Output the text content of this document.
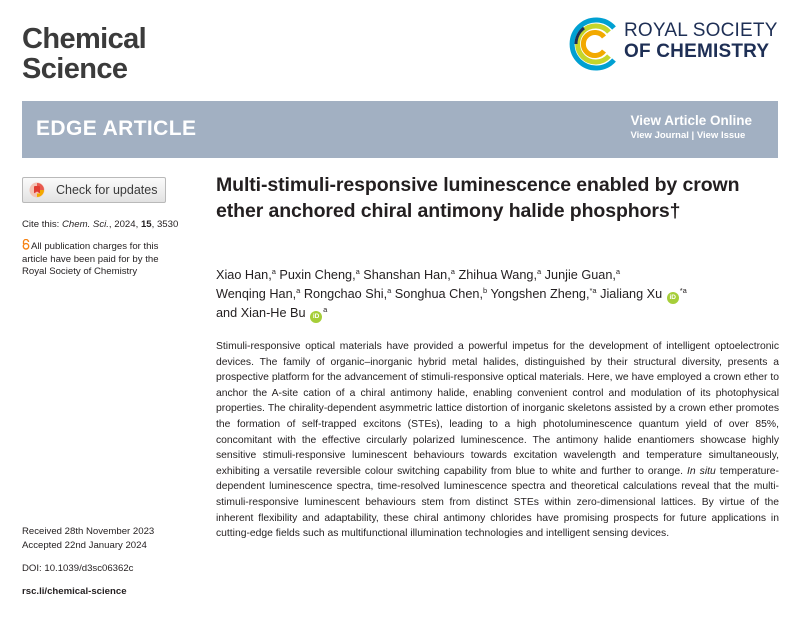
Chemical
Science
ROYAL SOCIETY
OF CHEMISTRY
EDGE ARTICLE	View Article Online
View Journal | View Issue
Check for updates
Cite this: Chem. Sci., 2024, 15, 3530
All publication charges for this article have been paid for by the Royal Society of Chemistry
Received 28th November 2023
Accepted 22nd January 2024
DOI: 10.1039/d3sc06362c
rsc.li/chemical-science
Multi-stimuli-responsive luminescence enabled by crown ether anchored chiral antimony halide phosphors†
Xiao Han,$^a$ Puxin Cheng,$^a$ Shanshan Han,$^a$ Zhihua Wang,$^a$ Junjie Guan,$^a$
Wenqing Han,$^a$ Rongchao Shi,$^a$ Songhua Chen,$^b$ Yongshen Zheng,$^{*a}$ Jialiang Xu $iD^{*a}$
and Xian-He Bu $iD^a$

Stimuli-responsive optical materials have provided a powerful impetus for the development of intelligent optoelectronic devices. The family of organic–inorganic hybrid metal halides, distinguished by their structural diversity, presents a prospective platform for the advancement of stimuli-responsive optical materials. Here, we have employed a crown ether to anchor the A-site cation of a chiral antimony halide, enabling convenient control and modulation of its photophysical properties. The chirality-dependent asymmetric lattice distortion of inorganic skeletons assisted by a crown ether promotes the formation of self-trapped excitons (STEs), leading to a high photoluminescence quantum yield of over 85%, concomitant with the effective circularly polarized luminescence. The antimony halide enantiomers showcase highly sensitive stimuli-responsive luminescent behaviours towards excitation wavelength and temperature simultaneously, exhibiting a versatile reversible colour switching capability from blue to white and further to orange. In situ temperature-dependent luminescence spectra, time-resolved luminescence spectra and theoretical calculations reveal that the multi-stimuli-responsive luminescent behaviours stem from distinct STEs within zero-dimensional lattices. By virtue of the inherent flexibility and adaptability, these chiral antimony chlorides have promising prospects for future applications in cutting-edge fields such as multifunctional illumination technologies and intelligent sensing devices.
